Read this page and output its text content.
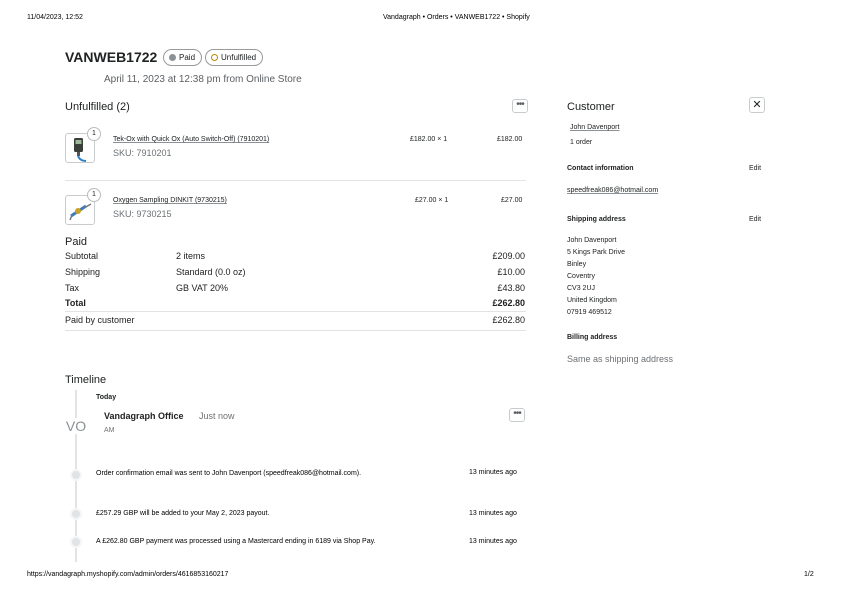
11/04/2023, 12:52	Vandagraph • Orders • VANWEB1722 • Shopify
VANWEB1722	Paid	Unfulfilled
April 11, 2023 at 12:38 pm from Online Store
Unfulfilled (2)	•••
1
Tek-Ox with Quick Ox (Auto Switch-Off) (7910201)
SKU: 7910201
£182.00 × 1	£182.00
1
Oxygen Sampling DINKIT (9730215)
SKU: 9730215
£27.00 × 1	£27.00
Paid
Subtotal	2 items	£209.00
Shipping	Standard (0.0 oz)	£10.00
Tax	GB VAT 20%	£43.80
Total	£262.80
Paid by customer	£262.80
Customer	✕
John Davenport
1 order
Contact information	Edit
speedfreak086@hotmail.com
Shipping address	Edit
John Davenport
5 Kings Park Drive
Binley
Coventry
CV3 2UJ
United Kingdom
07919 469512
Billing address
Same as shipping address
Timeline
Today
VO
Vandagraph Office Just now
AM
•••
Order confirmation email was sent to John Davenport (speedfreak086@hotmail.com).	13 minutes ago
£257.29 GBP will be added to your May 2, 2023 payout.	13 minutes ago
A £262.80 GBP payment was processed using a Mastercard ending in 6189 via Shop Pay.	13 minutes ago
https://vandagraph.myshopify.com/admin/orders/4616853160217	1/2
